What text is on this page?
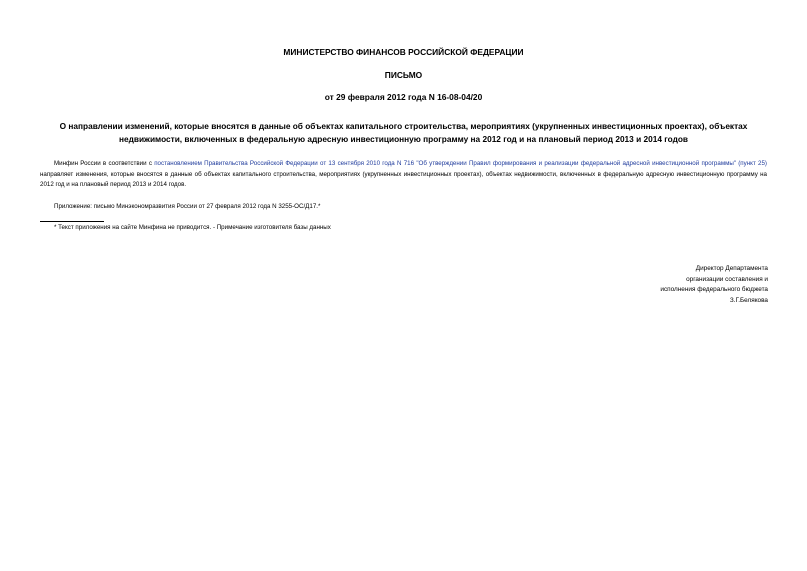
МИНИСТЕРСТВО ФИНАНСОВ РОССИЙСКОЙ ФЕДЕРАЦИИ
ПИСЬМО
от 29 февраля 2012 года N 16-08-04/20
О направлении изменений, которые вносятся в данные об объектах капитального строительства, мероприятиях (укрупненных инвестиционных проектах), объектах недвижимости, включенных в федеральную адресную инвестиционную программу на 2012 год и на плановый период 2013 и 2014 годов
Минфин России в соответствии с постановлением Правительства Российской Федерации от 13 сентября 2010 года N 716 "Об утверждении Правил формирования и реализации федеральной адресной инвестиционной программы" (пункт 25) направляет изменения, которые вносятся в данные об объектах капитального строительства, мероприятиях (укрупненных инвестиционных проектах), объектах недвижимости, включенных в федеральную адресную инвестиционную программу на 2012 год и на плановый период 2013 и 2014 годов.
Приложение: письмо Минэкономразвития России от 27 февраля 2012 года N 3255-ОС/Д17.*
* Текст приложения на сайте Минфина не приводится. - Примечание изготовителя базы данных
Директор Департамента
организации составления и
исполнения федерального бюджета
З.Г.Белякова
